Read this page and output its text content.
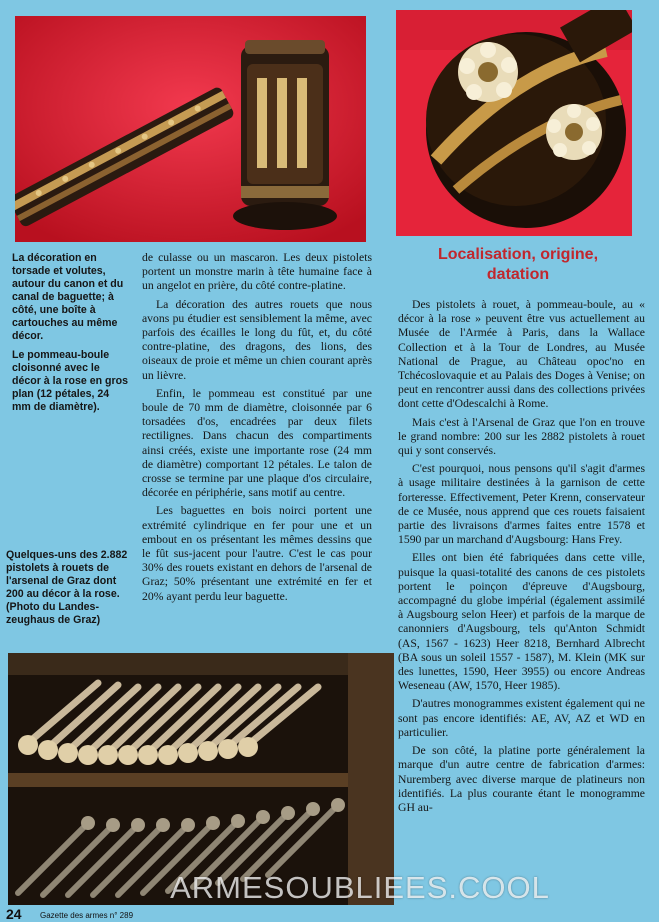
La décoration en torsade et volutes, autour du canon et du canal de baguette; à côté, une boîte à cartouches au même décor.

Le pommeau-boule cloisonné avec le décor à la rose en gros plan (12 pétales, 24 mm de diamètre).

Quelques-uns des 2.882 pistolets à rouets de l'arsenal de Graz dont 200 au décor à la rose. (Photo du Landes-zeughaus de Graz)

de culasse ou un mascaron. Les deux pistolets portent un monstre marin à tête humaine face à un angelot en prière, du côté contre-platine.

La décoration des autres rouets que nous avons pu étudier est sensiblement la même, avec parfois des écailles le long du fût, et, du côté contre-platine, des dragons, des lions, des oiseaux de proie et même un chien courant après un lièvre.

Enfin, le pommeau est constitué par une boule de 70 mm de diamètre, cloisonnée par 6 torsadées d'os, encadrées par deux filets rectilignes. Dans chacun des compartiments ainsi créés, existe une importante rose (24 mm de diamètre) comportant 12 pétales. Le talon de crosse se termine par une plaque d'os circulaire, décorée en périphérie, sans motif au centre.

Les baguettes en bois noirci portent une extrémité cylindrique en fer pour une et un embout en os présentant les mêmes dessins que le fût sus-jacent pour l'autre. C'est le cas pour 30% des rouets existant en dehors de l'arsenal de Graz; 50% présentant une extrémité en fer et 20% ayant perdu leur baguette.

Localisation, origine, datation

Des pistolets à rouet, à pommeau-boule, au « décor à la rose » peuvent être vus actuellement au Musée de l'Armée à Paris, dans la Wallace Collection et à la Tour de Londres, au Musée National de Prague, au Château opoc'no en Tchécoslovaquie et au Palais des Doges à Venise; on peut en rencontrer aussi dans des collections privées dont cette d'Odescalchi à Rome.

Mais c'est à l'Arsenal de Graz que l'on en trouve le grand nombre: 200 sur les 2882 pistolets à rouet qui y sont conservés.

C'est pourquoi, nous pensons qu'il s'agit d'armes à usage militaire destinées à la garnison de cette forteresse. Effectivement, Peter Krenn, conservateur de ce Musée, nous apprend que ces rouets faisaient partie des livraisons d'armes faites entre 1578 et 1590 par un marchand d'Augsbourg: Hans Frey.

Elles ont bien été fabriquées dans cette ville, puisque la quasi-totalité des canons de ces pistolets portent le poinçon d'épreuve d'Augsbourg, accompagné du globe impérial (également assimilé à Augsbourg selon Heer) et parfois de la marque de canonniers d'Augsbourg, tels qu'Anton Schmidt (AS, 1567 - 1623) Heer 8218, Bernhard Albrecht (BA sous un soleil 1557 - 1587), M. Klein (MK sur des lunettes, 1590, Heer 3955) ou encore Andreas Weseneau (AW, 1570, Heer 1985).

D'autres monogrammes existent également qui ne sont pas encore identifiés: AE, AV, AZ et WD en particulier.

De son côté, la platine porte généralement la marque d'un autre centre de fabrication d'armes: Nuremberg avec diverse marque de platineurs non identifiés. La plus courante étant le monogramme GH au-

24 Gazette des armes n° 289
ARMESOUBLIEES.COOL
